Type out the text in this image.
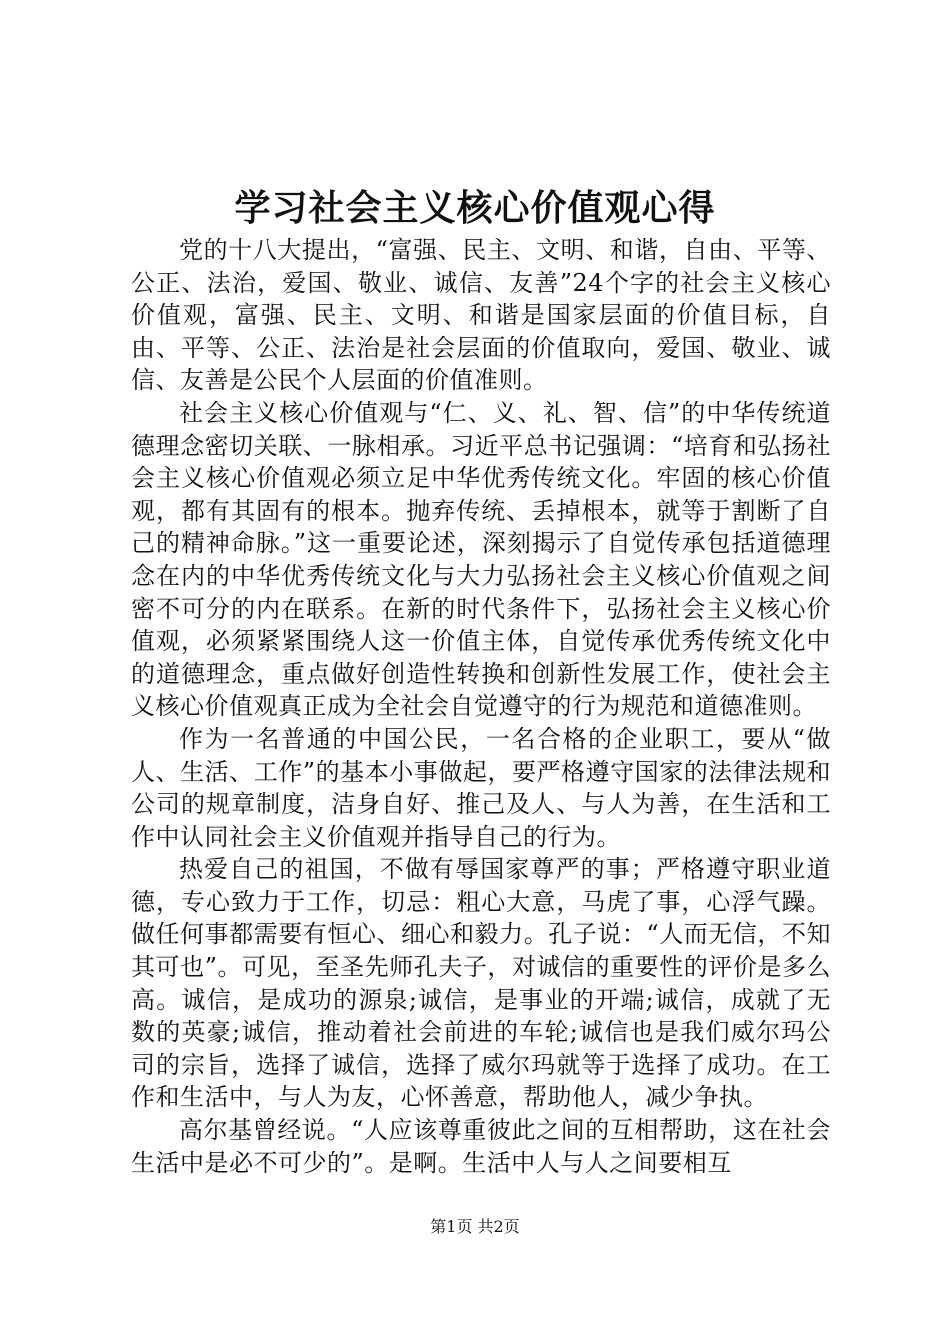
学习社会主义核心价值观心得

党的十八大提出，“富强、民主、文明、和谐，自由、平等、公正、法治，爱国、敬业、诚信、友善”24个字的社会主义核心价值观，富强、民主、文明、和谐是国家层面的价值目标，自由、平等、公正、法治是社会层面的价值取向，爱国、敬业、诚信、友善是公民个人层面的价值准则。

社会主义核心价值观与“仁、义、礼、智、信”的中华传统道德理念密切关联、一脉相承。习近平总书记强调：“培育和弘扬社会主义核心价值观必须立足中华优秀传统文化。牢固的核心价值观，都有其固有的根本。抛弃传统、丢掉根本，就等于割断了自己的精神命脉。”这一重要论述，深刻揭示了自觉传承包括道德理念在内的中华优秀传统文化与大力弘扬社会主义核心价值观之间密不可分的内在联系。在新的时代条件下，弘扬社会主义核心价值观，必须紧紧围绕人这一价值主体，自觉传承优秀传统文化中的道德理念，重点做好创造性转换和创新性发展工作，使社会主义核心价值观真正成为全社会自觉遵守的行为规范和道德准则。

作为一名普通的中国公民，一名合格的企业职工，要从“做人、生活、工作”的基本小事做起，要严格遵守国家的法律法规和公司的规章制度，洁身自好、推己及人、与人为善，在生活和工作中认同社会主义价值观并指导自己的行为。

热爱自己的祖国，不做有辱国家尊严的事；严格遵守职业道德，专心致力于工作，切忌：粗心大意，马虎了事，心浮气躁。做任何事都需要有恒心、细心和毅力。孔子说：“人而无信，不知其可也”。可见，至圣先师孔夫子，对诚信的重要性的评价是多么高。诚信，是成功的源泉;诚信，是事业的开端;诚信，成就了无数的英豪;诚信，推动着社会前进的车轮;诚信也是我们威尔玛公司的宗旨，选择了诚信，选择了威尔玛就等于选择了成功。在工作和生活中，与人为友，心怀善意，帮助他人，减少争执。

高尔基曾经说。“人应该尊重彼此之间的互相帮助，这在社会生活中是必不可少的”。是啊。生活中人与人之间要相互

第1页 共2页
